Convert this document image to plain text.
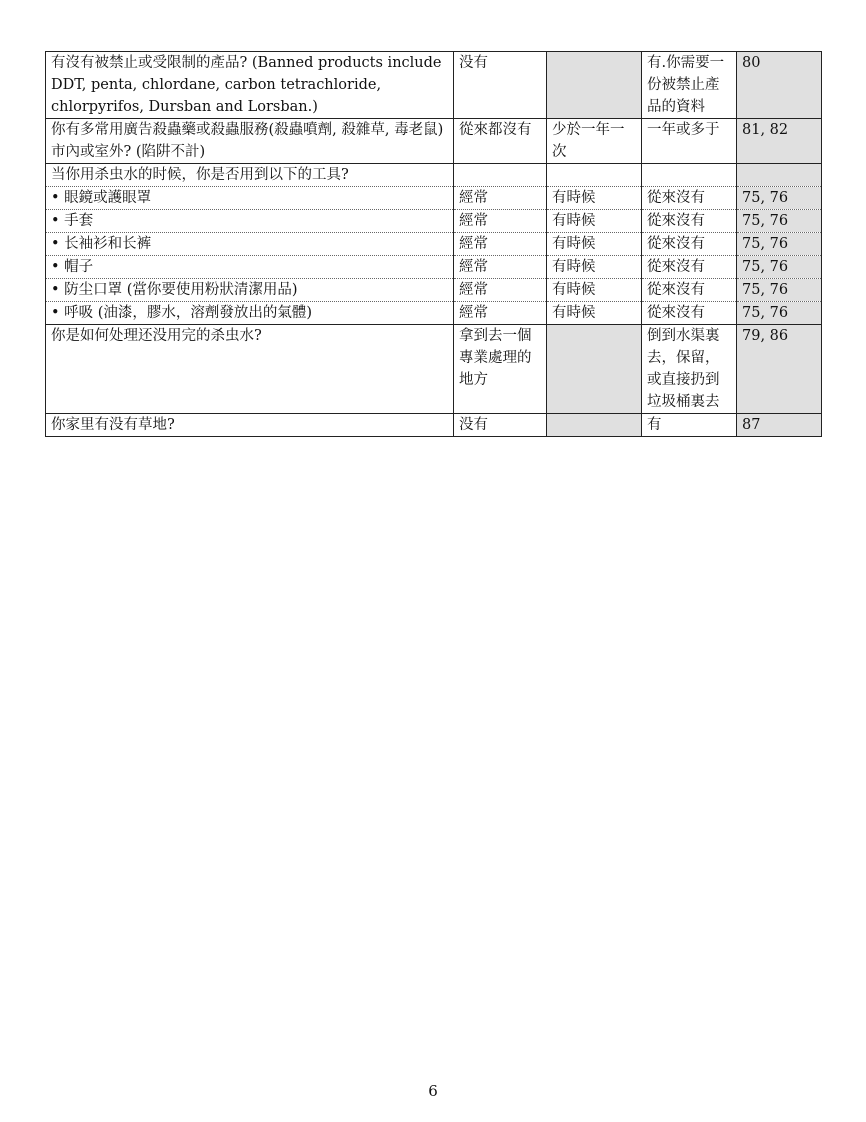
有沒有被禁止或受限制的產品? (Banned products include DDT, penta, chlordane, carbon tetrachloride, chlorpyrifos, Dursban and Lorsban.)	没有		有.你需要一份被禁止產品的資料	80
你有多常用廣告殺蟲藥或殺蟲服務(殺蟲噴劑, 殺雜草, 毒老鼠) 市內或室外? (陷阱不計)	從來都沒有	少於一年一次	一年或多于	81, 82
当你用杀虫水的时候，你是否用到以下的工具?				
• 眼鏡或護眼罩	經常	有時候	從來沒有	75, 76
• 手套	經常	有時候	從來沒有	75, 76
• 长袖衫和长裤	經常	有時候	從來沒有	75, 76
• 帽子	經常	有時候	從來沒有	75, 76
• 防尘口罩 (當你要使用粉狀清潔用品)	經常	有時候	從來沒有	75, 76
• 呼吸 (油漆，膠水，溶劑發放出的氣體)	經常	有時候	從來沒有	75, 76
你是如何处理还没用完的杀虫水?	拿到去一個專業處理的地方		倒到水渠裏去，保留，或直接扔到垃圾桶裏去	79, 86
你家里有没有草地?	没有		有	87
6
